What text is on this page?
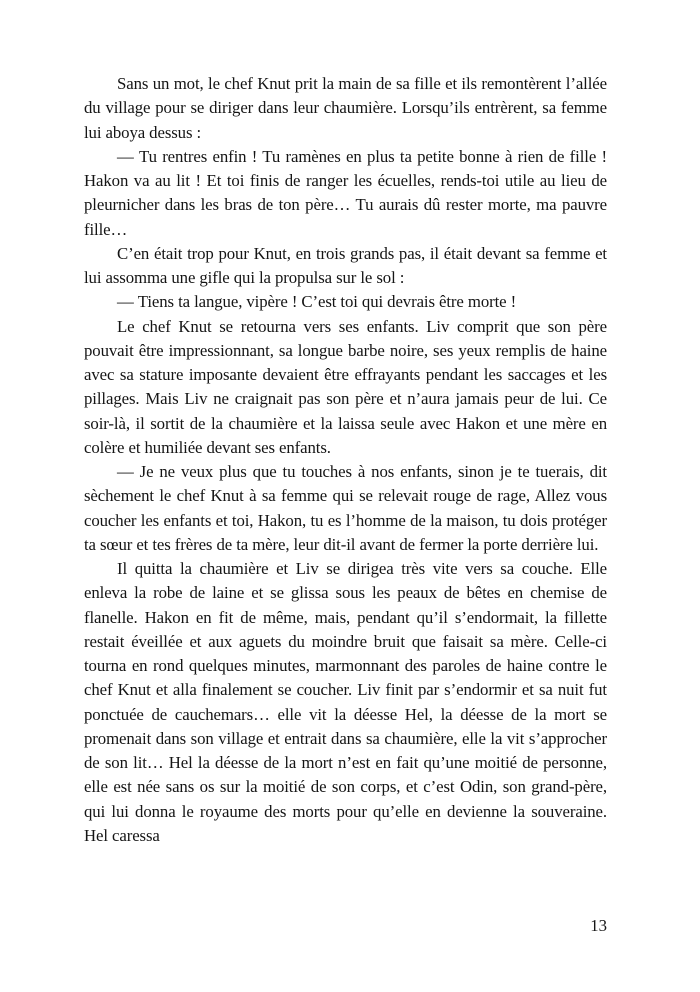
Sans un mot, le chef Knut prit la main de sa fille et ils remontèrent l’allée du village pour se diriger dans leur chaumière. Lorsqu’ils entrèrent, sa femme lui aboya dessus :

— Tu rentres enfin ! Tu ramènes en plus ta petite bonne à rien de fille ! Hakon va au lit ! Et toi finis de ranger les écuelles, rends-toi utile au lieu de pleurnicher dans les bras de ton père… Tu aurais dû rester morte, ma pauvre fille…

C’en était trop pour Knut, en trois grands pas, il était devant sa femme et lui assomma une gifle qui la propulsa sur le sol :

— Tiens ta langue, vipère ! C’est toi qui devrais être morte !

Le chef Knut se retourna vers ses enfants. Liv comprit que son père pouvait être impressionnant, sa longue barbe noire, ses yeux remplis de haine avec sa stature imposante devaient être effrayants pendant les saccages et les pillages. Mais Liv ne craignait pas son père et n’aura jamais peur de lui. Ce soir-là, il sortit de la chaumière et la laissa seule avec Hakon et une mère en colère et humiliée devant ses enfants.

— Je ne veux plus que tu touches à nos enfants, sinon je te tuerais, dit sèchement le chef Knut à sa femme qui se relevait rouge de rage, Allez vous coucher les enfants et toi, Hakon, tu es l’homme de la maison, tu dois protéger ta sœur et tes frères de ta mère, leur dit-il avant de fermer la porte derrière lui.

Il quitta la chaumière et Liv se dirigea très vite vers sa couche. Elle enleva la robe de laine et se glissa sous les peaux de bêtes en chemise de flanelle. Hakon en fit de même, mais, pendant qu’il s’endormait, la fillette restait éveillée et aux aguets du moindre bruit que faisait sa mère. Celle-ci tourna en rond quelques minutes, marmonnant des paroles de haine contre le chef Knut et alla finalement se coucher. Liv finit par s’endormir et sa nuit fut ponctuée de cauchemars… elle vit la déesse Hel, la déesse de la mort se promenait dans son village et entrait dans sa chaumière, elle la vit s’approcher de son lit… Hel la déesse de la mort n’est en fait qu’une moitié de personne, elle est née sans os sur la moitié de son corps, et c’est Odin, son grand-père, qui lui donna le royaume des morts pour qu’elle en devienne la souveraine. Hel caressa

13
